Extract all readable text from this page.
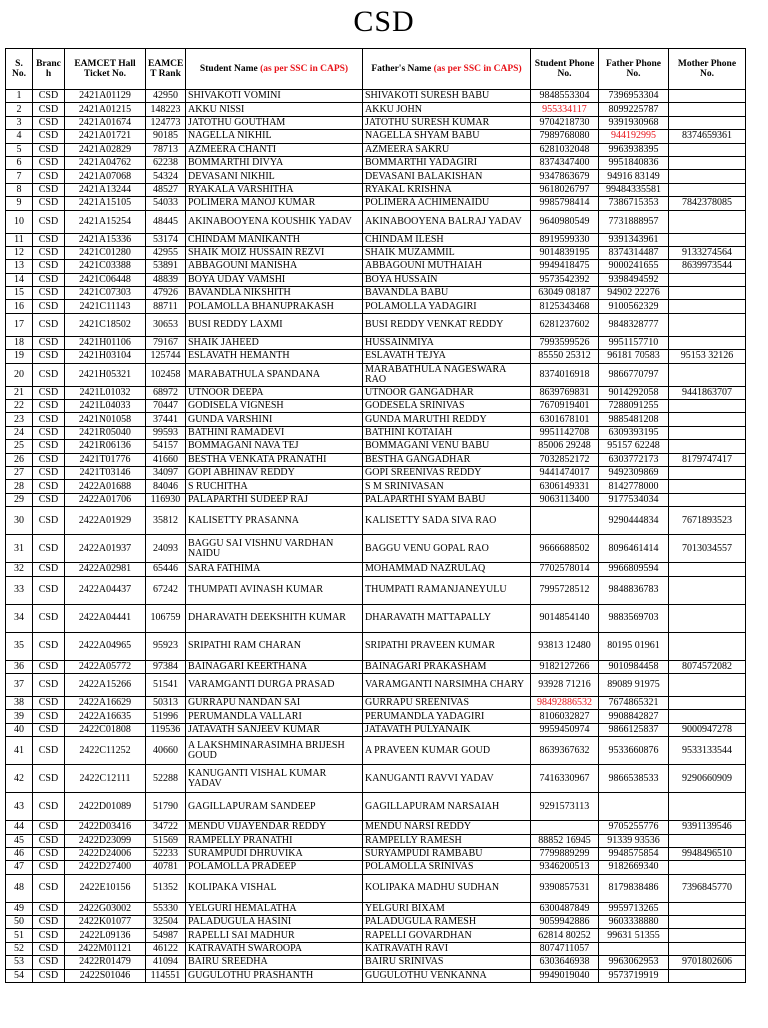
CSD
S. No.	Branc h	EAMCET Hall Ticket No.	EAMCE T Rank	Student Name (as per SSC in CAPS)	Father's Name (as per SSC in CAPS)	Student Phone No.	Father Phone No.	Mother Phone No.
1	CSD	2421A01129	42950	SHIVAKOTI VOMINI	SHIVAKOTI SURESH BABU	9848553304	7396953304	
2	CSD	2421A01215	148223	AKKU NISSI	AKKU JOHN	955334117	8099225787	
3	CSD	2421A01674	124773	JATOTHU GOUTHAM	JATOTHU SURESH KUMAR	9704218730	9391930968	
4	CSD	2421A01721	90185	NAGELLA NIKHIL	NAGELLA SHYAM BABU	7989768080	944192995	8374659361
5	CSD	2421A02829	78713	AZMEERA CHANTI	AZMEERA SAKRU	6281032048	9963938395	
6	CSD	2421A04762	62238	BOMMARTHI DIVYA	BOMMARTHI YADAGIRI	8374347400	9951840836	
7	CSD	2421A07068	54324	DEVASANI NIKHIL	DEVASANI BALAKISHAN	9347863679	94916 83149	
8	CSD	2421A13244	48527	RYAKALA VARSHITHA	RYAKAL KRISHNA	9618026797	99484335581	
9	CSD	2421A15105	54033	POLIMERA MANOJ KUMAR	POLIMERA ACHIMENAIDU	9985798414	7386715353	7842378085
10	CSD	2421A15254	48445	AKINABOOYENA KOUSHIK YADAV	AKINABOOYENA BALRAJ YADAV	9640980549	7731888957	
11	CSD	2421A15336	53174	CHINDAM MANIKANTH	CHINDAM ILESH	8919599330	9391343961	
12	CSD	2421C01280	42955	SHAIK MOIZ HUSSAIN REZVI	SHAIK MUZAMMIL	9014839195	8374314487	9133274564
13	CSD	2421C03388	53891	ABBAGOUNI MANISHA	ABBAGOUNI MUTHAIAH	9949418475	9000241655	8639973544
14	CSD	2421C06448	48839	BOYA UDAY VAMSHI	BOYA HUSSAIN	9573542392	9398494592	
15	CSD	2421C07303	47926	BAVANDLA NIKSHITH	BAVANDLA BABU	63049 08187	94902 22276	
16	CSD	2421C11143	88711	POLAMOLLA BHANUPRAKASH	POLAMOLLA YADAGIRI	8125343468	9100562329	
17	CSD	2421C18502	30653	BUSI REDDY LAXMI	BUSI REDDY VENKAT REDDY	6281237602	9848328777	
18	CSD	2421H01106	79167	SHAIK JAHEED	HUSSAINMIYA	7993599526	9951157710	
19	CSD	2421H03104	125744	ESLAVATH HEMANTH	ESLAVATH TEJYA	85550 25312	96181 70583	95153 32126
20	CSD	2421H05321	102458	MARABATHULA SPANDANA	MARABATHULA NAGESWARA RAO	8374016918	9866770797	
21	CSD	2421L01032	68972	UTNOOR DEEPA	UTNOOR GANGADHAR	8639769831	9014292058	9441863707
22	CSD	2421L04033	70447	GODISELA VIGNESH	GODESELA SRINIVAS	7670919401	7288091255	
23	CSD	2421N01058	37441	GUNDA VARSHINI	GUNDA MARUTHI REDDY	6301678101	9885481208	
24	CSD	2421R05040	99593	BATHINI RAMADEVI	BATHINI KOTAIAH	9951142708	6309393195	
25	CSD	2421R06136	54157	BOMMAGANI NAVA TEJ	BOMMAGANI VENU BABU	85006 29248	95157 62248	
26	CSD	2421T01776	41660	BESTHA VENKATA PRANATHI	BESTHA GANGADHAR	7032852172	6303772173	8179747417
27	CSD	2421T03146	34097	GOPI ABHINAV REDDY	GOPI SREENIVAS REDDY	9441474017	9492309869	
28	CSD	2422A01688	84046	S RUCHITHA	S M SRINIVASAN	6306149331	8142778000	
29	CSD	2422A01706	116930	PALAPARTHI SUDEEP RAJ	PALAPARTHI SYAM BABU	9063113400	9177534034	
30	CSD	2422A01929	35812	KALISETTY PRASANNA	KALISETTY SADA SIVA RAO		9290444834	7671893523
31	CSD	2422A01937	24093	BAGGU SAI VISHNU VARDHAN NAIDU	BAGGU VENU GOPAL RAO	9666688502	8096461414	7013034557
32	CSD	2422A02981	65446	SARA FATHIMA	MOHAMMAD NAZRULAQ	7702578014	9966809594	
33	CSD	2422A04437	67242	THUMPATI AVINASH KUMAR	THUMPATI RAMANJANEYULU	7995728512	9848836783	
34	CSD	2422A04441	106759	DHARAVATH DEEKSHITH KUMAR	DHARAVATH MATTAPALLY	9014854140	9883569703	
35	CSD	2422A04965	95923	SRIPATHI RAM CHARAN	SRIPATHI PRAVEEN KUMAR	93813 12480	80195 01961	
36	CSD	2422A05772	97384	BAINAGARI KEERTHANA	BAINAGARI PRAKASHAM	9182127266	9010984458	8074572082
37	CSD	2422A15266	51541	VARAMGANTI DURGA PRASAD	VARAMGANTI NARSIMHA CHARY	93928 71216	89089 91975	
38	CSD	2422A16629	50313	GURRAPU NANDAN SAI	GURRAPU SREENIVAS	98492886532	7674865321	
39	CSD	2422A16635	51996	PERUMANDLA VALLARI	PERUMANDLA YADAGIRI	8106032827	9908842827	
40	CSD	2422C01808	119536	JATAVATH SANJEEV KUMAR	JATAVATH PULYANAIK	9959450974	9866125837	9000947278
41	CSD	2422C11252	40660	A LAKSHMINARASIMHA BRIJESH GOUD	A PRAVEEN KUMAR GOUD	8639367632	9533660876	9533133544
42	CSD	2422C12111	52288	KANUGANTI VISHAL KUMAR YADAV	KANUGANTI RAVVI YADAV	7416330967	9866538533	9290660909
43	CSD	2422D01089	51790	GAGILLAPURAM SANDEEP	GAGILLAPURAM NARSAIAH	9291573113		
44	CSD	2422D03416	34722	MENDU VIJAYENDAR REDDY	MENDU NARSI REDDY		9705255776	9391139546
45	CSD	2422D23099	51569	RAMPELLY PRANATHI	RAMPELLY RAMESH	88852 16945	91339 93536	
46	CSD	2422D24006	52233	SURAMPUDI DHRUVIKA	SURYAMPUDI RAMBABU	7799889299	9948575854	9948496510
47	CSD	2422D27400	40781	POLAMOLLA PRADEEP	POLAMOLLA SRINIVAS	9346200513	9182669340	
48	CSD	2422E10156	51352	KOLIPAKA VISHAL	KOLIPAKA MADHU SUDHAN	9390857531	8179838486	7396845770
49	CSD	2422G03002	55330	YELGURI HEMALATHA	YELGURI BIXAM	6300487849	9959713265	
50	CSD	2422K01077	32504	PALADUGULA HASINI	PALADUGULA RAMESH	9059942886	9603338880	
51	CSD	2422L09136	54987	RAPELLI SAI MADHUR	RAPELLI GOVARDHAN	62814 80252	99631 51355	
52	CSD	2422M01121	46122	KATRAVATH SWAROOPA	KATRAVATH RAVI	8074711057		
53	CSD	2422R01479	41094	BAIRU SREEDHA	BAIRU SRINIVAS	6303646938	9963062953	9701802606
54	CSD	2422S01046	114551	GUGULOTHU PRASHANTH	GUGULOTHU VENKANNA	9949019040	9573719919	
